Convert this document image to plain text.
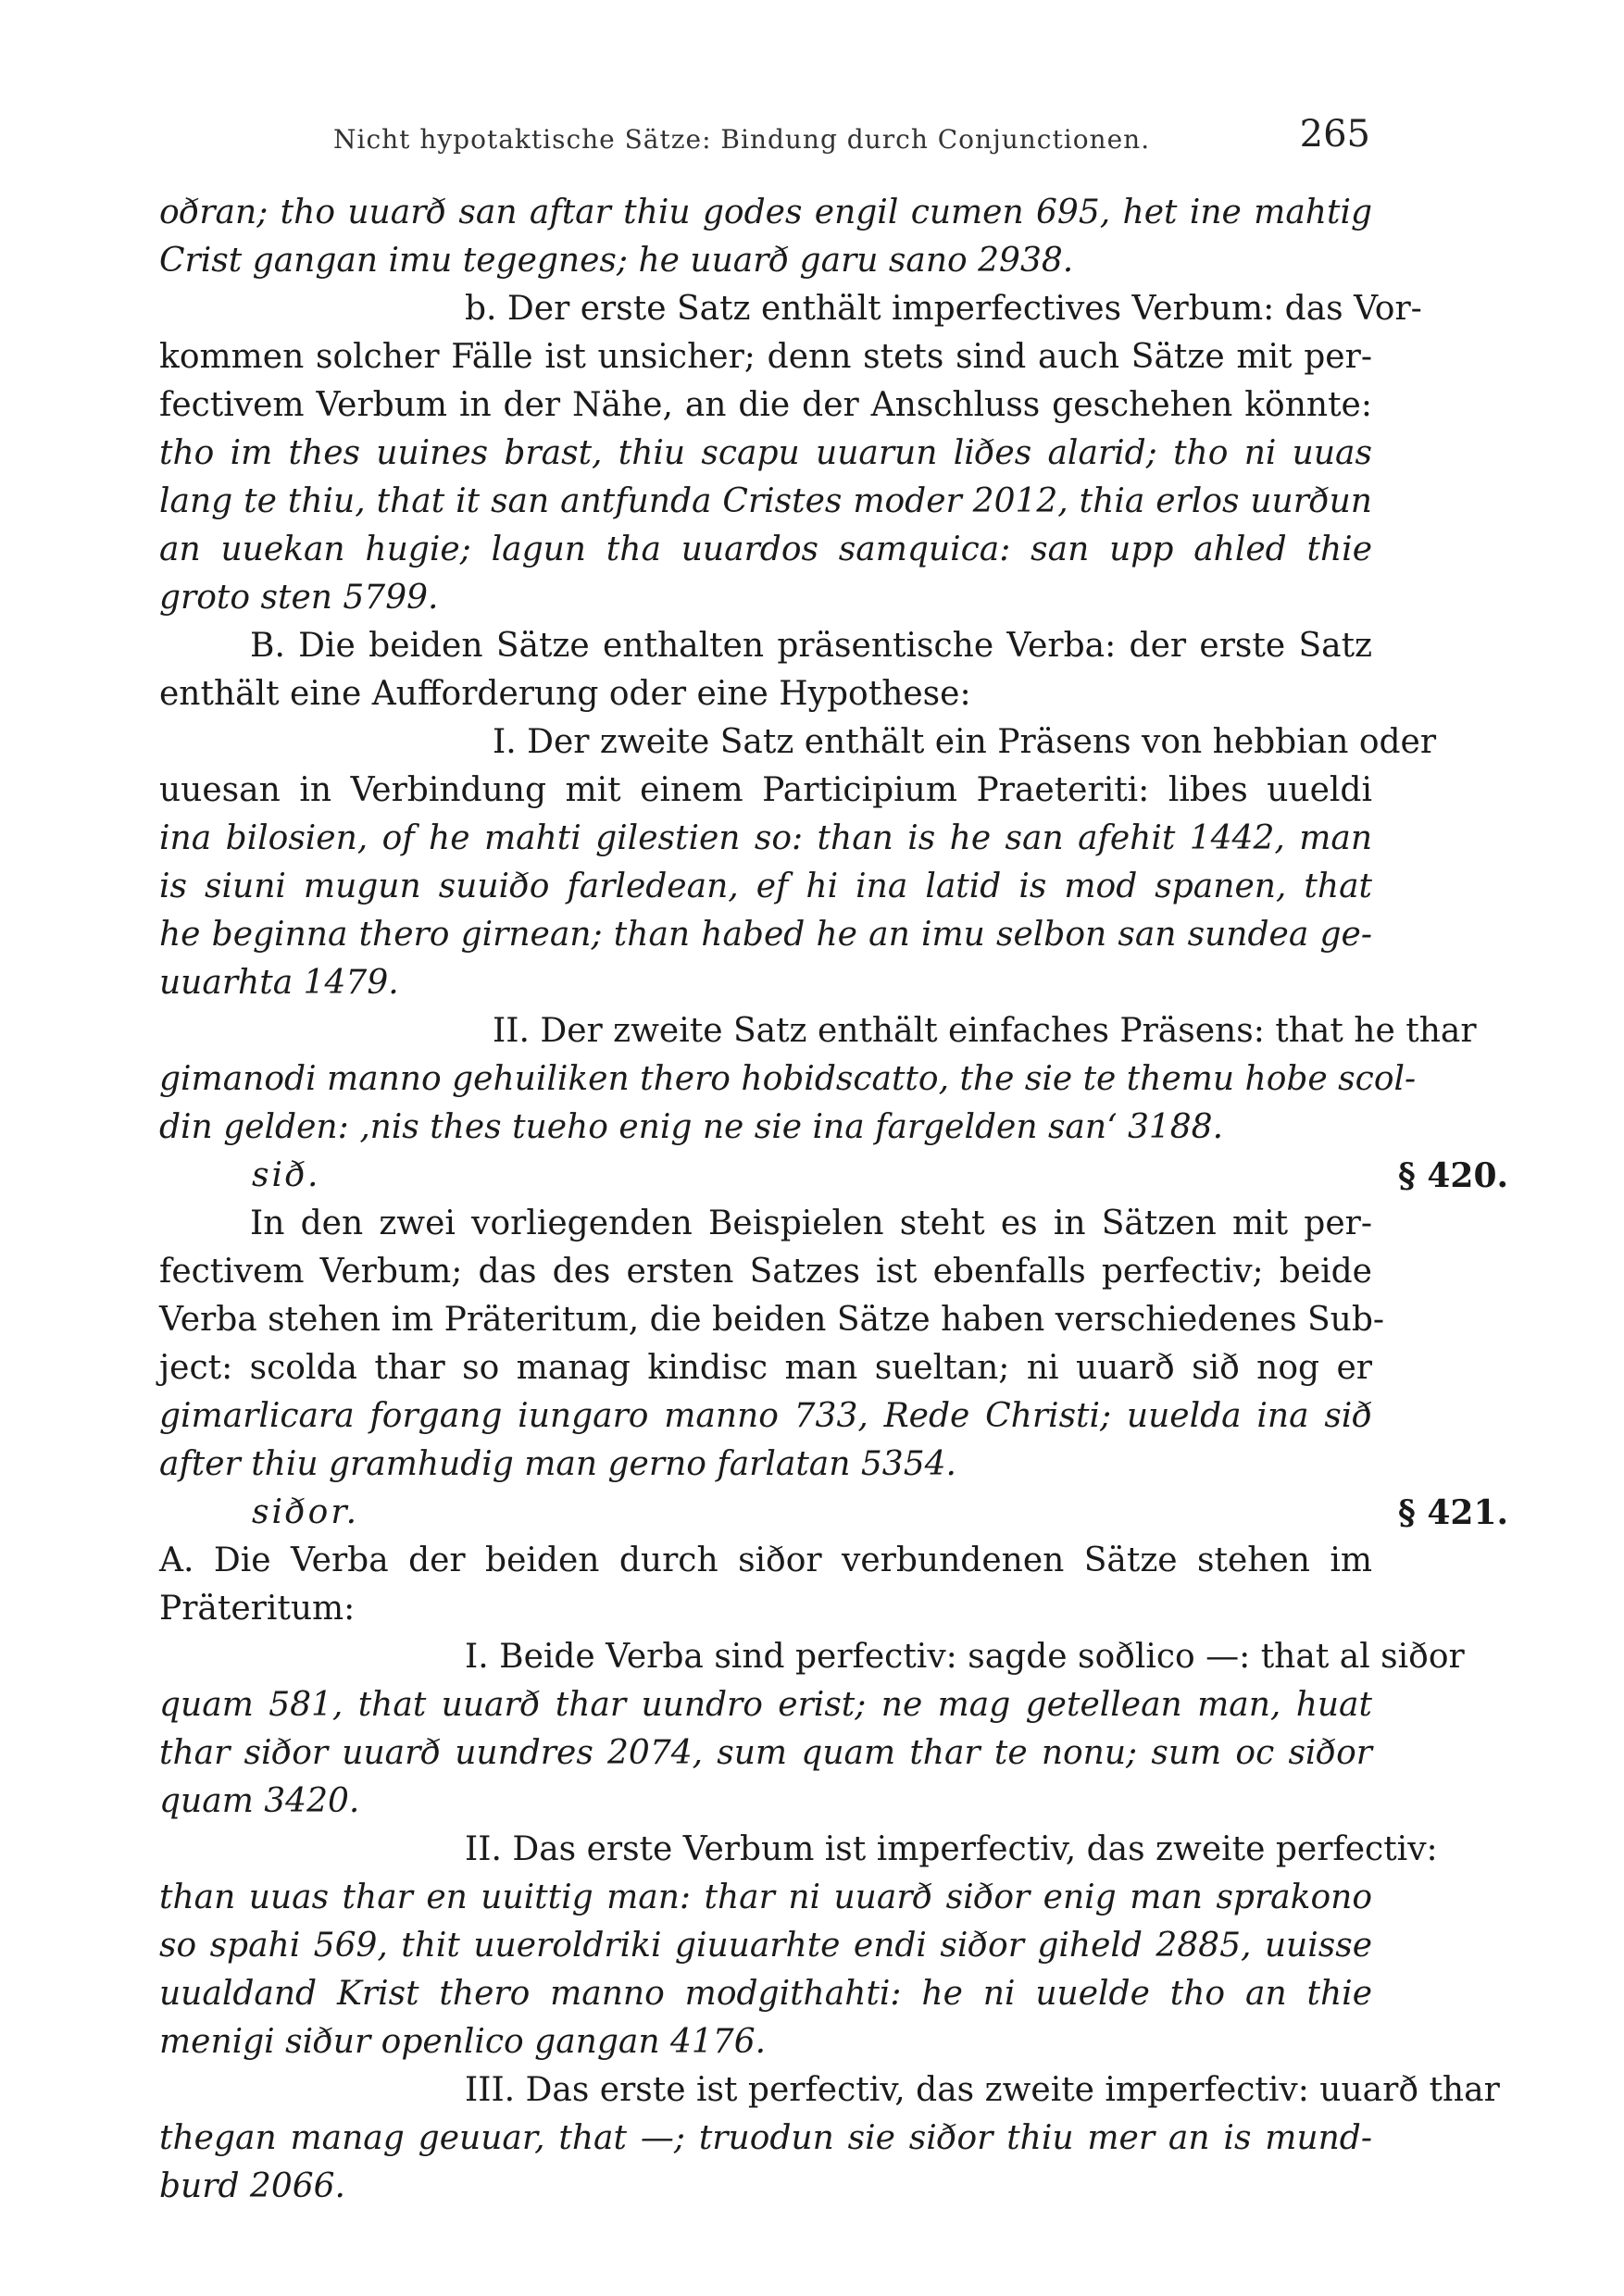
Nicht hypotaktische Sätze: Bindung durch Conjunctionen.	265
oðran; tho uuarð san aftar thiu godes engil cumen 695, het ine mahtig
Crist gangan imu tegegnes; he uuarð garu sano 2938.
b. Der erste Satz enthält imperfectives Verbum: das Vor-
kommen solcher Fälle ist unsicher; denn stets sind auch Sätze mit per-
fectivem Verbum in der Nähe, an die der Anschluss geschehen könnte:
tho im thes uuines brast, thiu scapu uuarun liðes alarid; tho ni uuas
lang te thiu, that it san antfunda Cristes moder 2012, thia erlos uurðun
an uuekan hugie; lagun tha uuardos samquica: san upp ahled thie
groto sten 5799.
B. Die beiden Sätze enthalten präsentische Verba: der erste Satz
enthält eine Aufforderung oder eine Hypothese:
I. Der zweite Satz enthält ein Präsens von hebbian oder
uuesan in Verbindung mit einem Participium Praeteriti: libes uueldi
ina bilosien, of he mahti gilestien so: than is he san afehit 1442, man
is siuni mugun suuiðo farledean, ef hi ina latid is mod spanen, that
he beginna thero girnean; than habed he an imu selbon san sundea ge-
uuarhta 1479.
II. Der zweite Satz enthält einfaches Präsens: that he thar
gimanodi manno gehuiliken thero hobidscatto, the sie te themu hobe scol-
din gelden: ‚nis thes tueho enig ne sie ina fargelden san‘ 3188.
sið.	§ 420.
In den zwei vorliegenden Beispielen steht es in Sätzen mit per-
fectivem Verbum; das des ersten Satzes ist ebenfalls perfectiv; beide
Verba stehen im Präteritum, die beiden Sätze haben verschiedenes Sub-
ject: scolda thar so manag kindisc man sueltan; ni uuarð sið nog er
gimarlicara forgang iungaro manno 733, Rede Christi; uuelda ina sið
after thiu gramhudig man gerno farlatan 5354.
siðor.	§ 421.
A. Die Verba der beiden durch siðor verbundenen Sätze stehen im
Präteritum:
I. Beide Verba sind perfectiv: sagde soðlico —: that al siðor
quam 581, that uuarð thar uundro erist; ne mag getellean man, huat
thar siðor uuarð uundres 2074, sum quam thar te nonu; sum oc siðor
quam 3420.
II. Das erste Verbum ist imperfectiv, das zweite perfectiv:
than uuas thar en uuittig man: thar ni uuarð siðor enig man sprakono
so spahi 569, thit uueroldriki giuuarhte endi siðor giheld 2885, uuisse
uualdand Krist thero manno modgithahti: he ni uuelde tho an thie
menigi siður openlico gangan 4176.
III. Das erste ist perfectiv, das zweite imperfectiv: uuarð thar
thegan manag geuuar, that —; truodun sie siðor thiu mer an is mund-
burd 2066.
